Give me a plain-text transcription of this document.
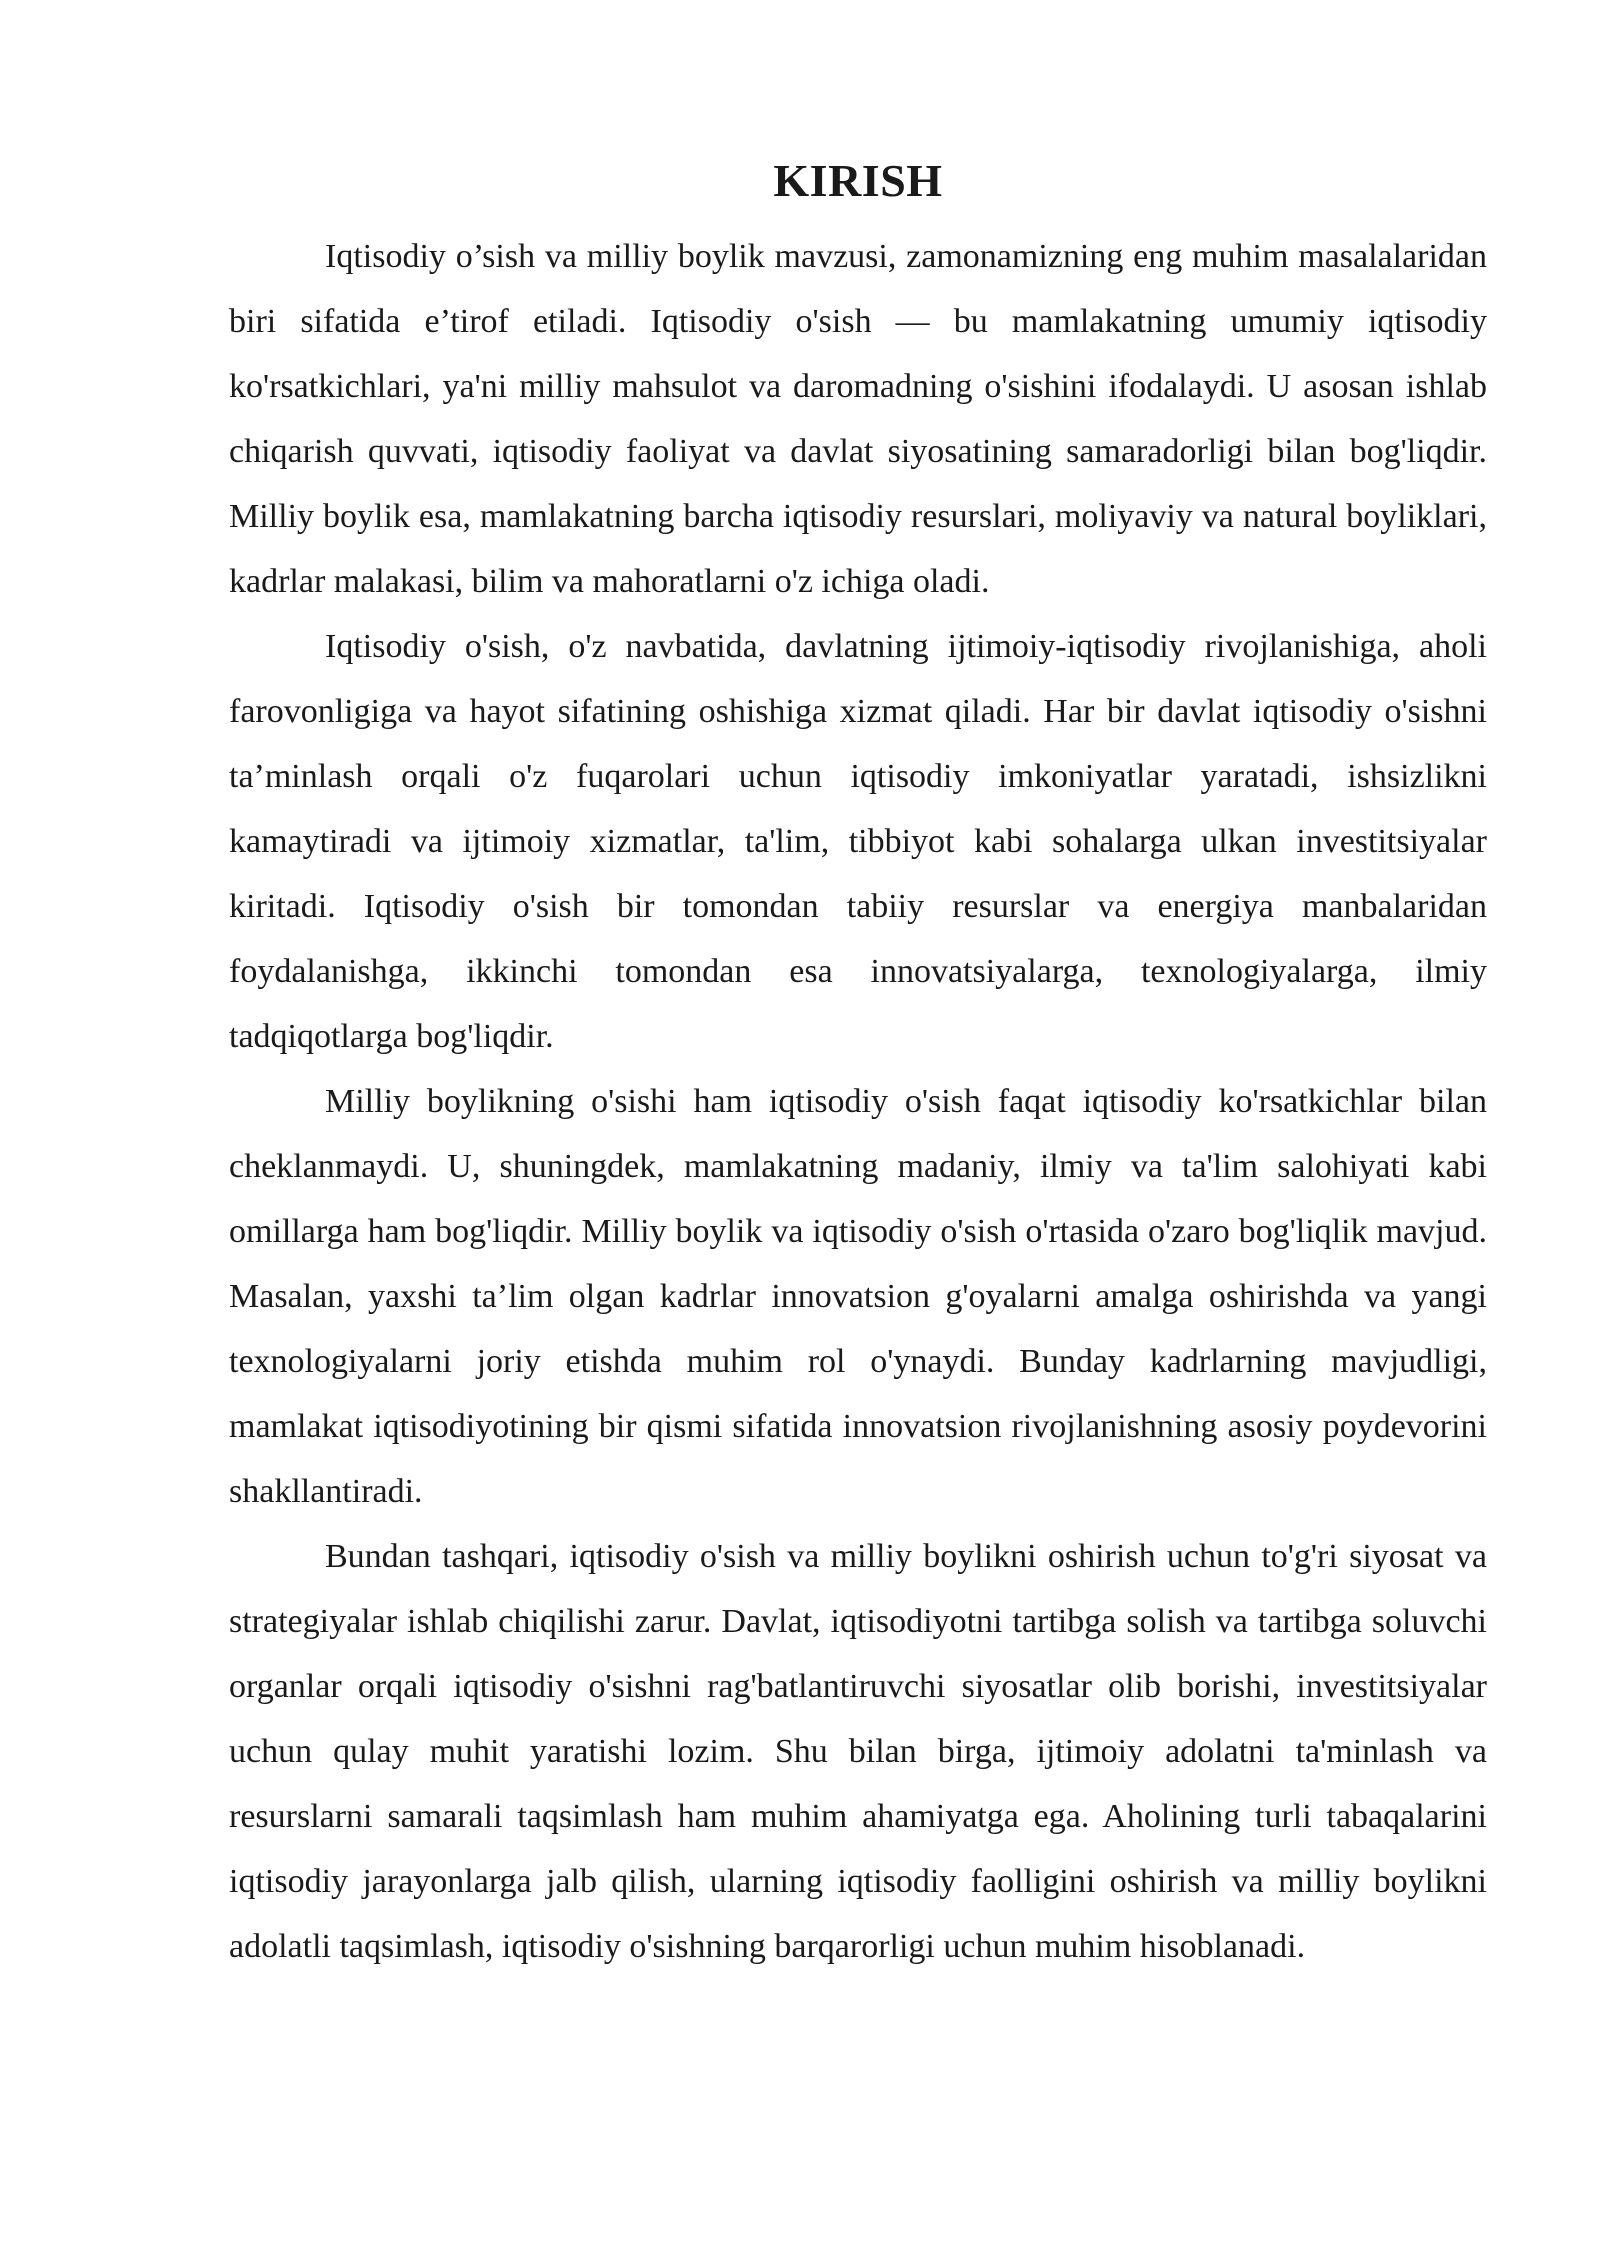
KIRISH

Iqtisodiy o’sish va milliy boylik mavzusi, zamonamizning eng muhim masalalaridan biri sifatida e’tirof etiladi. Iqtisodiy o'sish — bu mamlakatning umumiy iqtisodiy ko'rsatkichlari, ya'ni milliy mahsulot va daromadning o'sishini ifodalaydi. U asosan ishlab chiqarish quvvati, iqtisodiy faoliyat va davlat siyosatining samaradorligi bilan bog'liqdir. Milliy boylik esa, mamlakatning barcha iqtisodiy resurslari, moliyaviy va natural boyliklari, kadrlar malakasi, bilim va mahoratlarni o'z ichiga oladi.

Iqtisodiy o'sish, o'z navbatida, davlatning ijtimoiy-iqtisodiy rivojlanishiga, aholi farovonligiga va hayot sifatining oshishiga xizmat qiladi. Har bir davlat iqtisodiy o'sishni ta’minlash orqali o'z fuqarolari uchun iqtisodiy imkoniyatlar yaratadi, ishsizlikni kamaytiradi va ijtimoiy xizmatlar, ta'lim, tibbiyot kabi sohalarga ulkan investitsiyalar kiritadi. Iqtisodiy o'sish bir tomondan tabiiy resurslar va energiya manbalaridan foydalanishga, ikkinchi tomondan esa innovatsiyalarga, texnologiyalarga, ilmiy tadqiqotlarga bog'liqdir.

Milliy boylikning o'sishi ham iqtisodiy o'sish faqat iqtisodiy ko'rsatkichlar bilan cheklanmaydi. U, shuningdek, mamlakatning madaniy, ilmiy va ta'lim salohiyati kabi omillarga ham bog'liqdir. Milliy boylik va iqtisodiy o'sish o'rtasida o'zaro bog'liqlik mavjud. Masalan, yaxshi ta’lim olgan kadrlar innovatsion g'oyalarni amalga oshirishda va yangi texnologiyalarni joriy etishda muhim rol o'ynaydi. Bunday kadrlarning mavjudligi, mamlakat iqtisodiyotining bir qismi sifatida innovatsion rivojlanishning asosiy poydevorini shakllantiradi.

Bundan tashqari, iqtisodiy o'sish va milliy boylikni oshirish uchun to'g'ri siyosat va strategiyalar ishlab chiqilishi zarur. Davlat, iqtisodiyotni tartibga solish va tartibga soluvchi organlar orqali iqtisodiy o'sishni rag'batlantiruvchi siyosatlar olib borishi, investitsiyalar uchun qulay muhit yaratishi lozim. Shu bilan birga, ijtimoiy adolatni ta'minlash va resurslarni samarali taqsimlash ham muhim ahamiyatga ega. Aholining turli tabaqalarini iqtisodiy jarayonlarga jalb qilish, ularning iqtisodiy faolligini oshirish va milliy boylikni adolatli taqsimlash, iqtisodiy o'sishning barqarorligi uchun muhim hisoblanadi.
